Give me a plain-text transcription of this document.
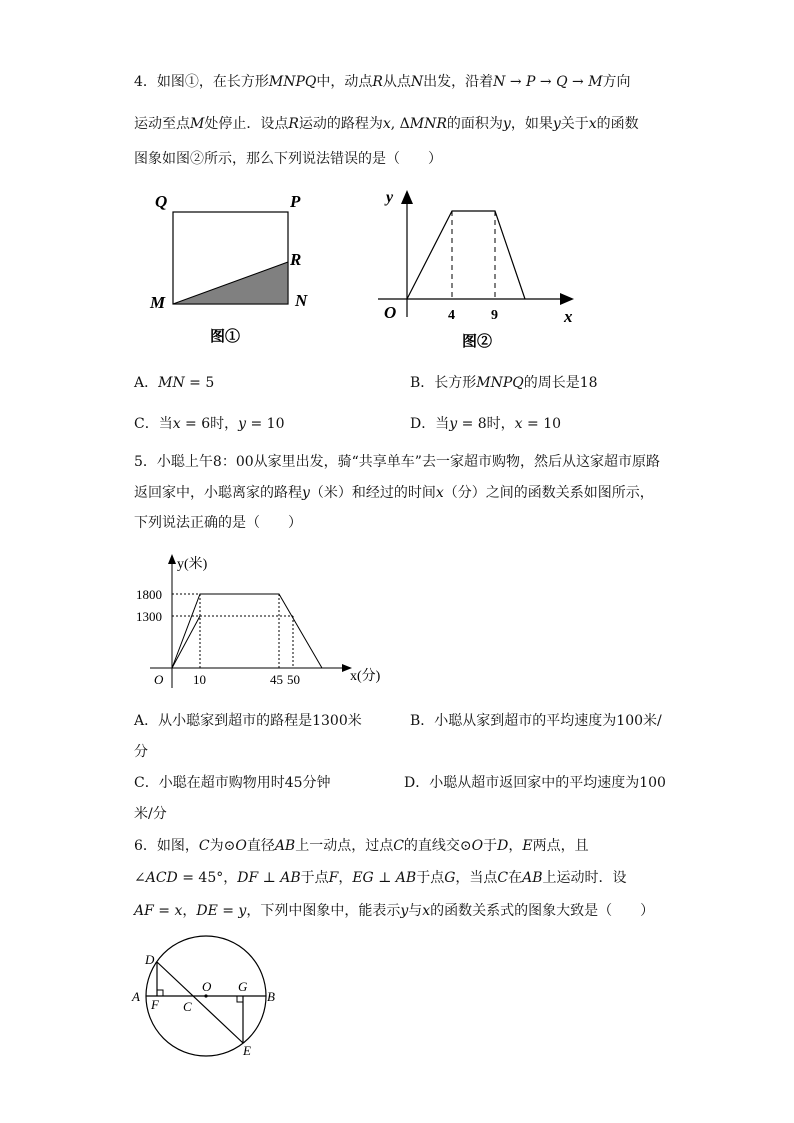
4．如图①，在长方形𝑀𝑁𝑃𝑄中，动点𝑅从点𝑁出发，沿着𝑁 → 𝑃 → 𝑄 → 𝑀方向
运动至点𝑀处停止．设点𝑅运动的路程为𝑥, Δ𝑀𝑁𝑅的面积为𝑦，如果𝑦关于𝑥的函数
图象如图②所示，那么下列说法错误的是（　　）
Q	P
R
M	N
图①
y
x
O	4	9
图②
A．𝑀𝑁 = 5	B．长方形𝑀𝑁𝑃𝑄的周长是18
C．当𝑥 = 6时，𝑦 = 10	D．当𝑦 = 8时，𝑥 = 10
5．小聪上午8：00从家里出发，骑“共享单车”去一家超市购物，然后从这家超市原路
返回家中，小聪离家的路程𝑦（米）和经过的时间𝑥（分）之间的函数关系如图所示，
下列说法正确的是（　　）
y(米)
x(分)
O
1800
1300
10	45 50
A．从小聪家到超市的路程是1300米	B．小聪从家到超市的平均速度为100米/
分
C．小聪在超市购物用时45分钟	D．小聪从超市返回家中的平均速度为100
米/分
6．如图，𝐶为⊙𝑂直径𝐴𝐵上一动点，过点𝐶的直线交⊙𝑂于𝐷，𝐸两点，且
∠𝐴𝐶𝐷 = 45°，𝐷𝐹 ⊥ 𝐴𝐵于点𝐹，𝐸𝐺 ⊥ 𝐴𝐵于点𝐺，当点𝐶在𝐴𝐵上运动时．设
𝐴𝐹 = 𝑥，𝐷𝐸 = 𝑦，下列中图象中，能表示𝑦与𝑥的函数关系式的图象大致是（　　）
D
A
F C
O G
B
E
